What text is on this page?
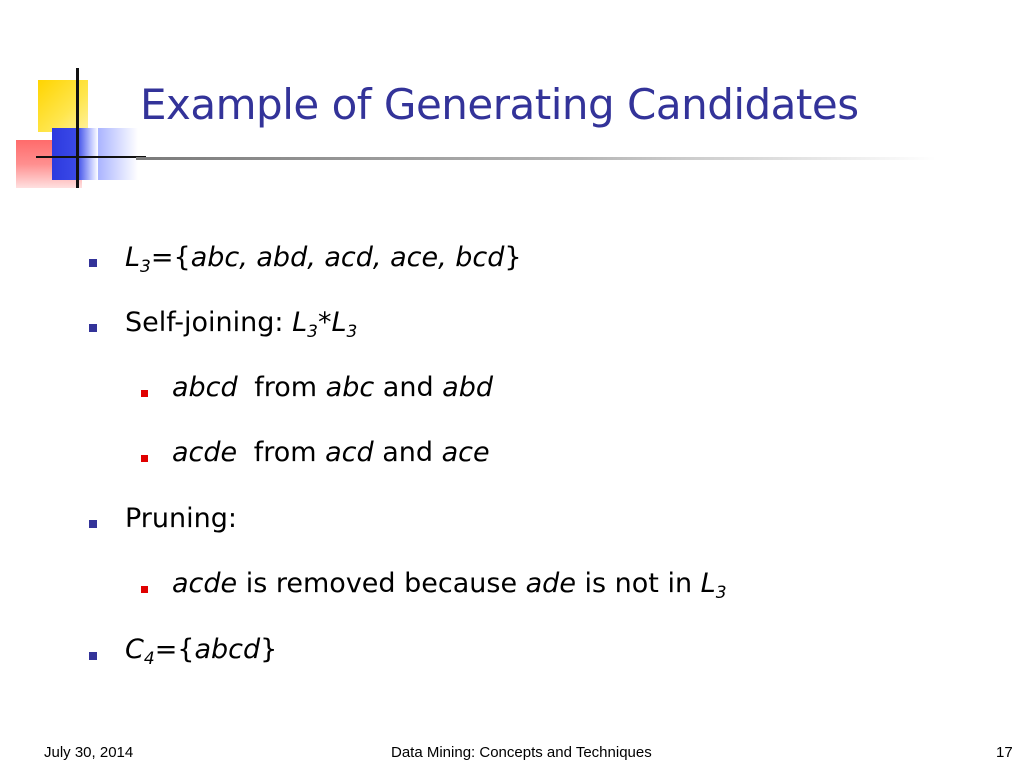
Example of Generating Candidates
$L_3=\{abc$, abd, acd, ace, bcd}
Self-joining: $L_3*L_3$
abcd from abc and abd
acde from acd and ace
Pruning:
acde is removed because ade is not in $L_3$
$C_4=\{abcd\}$
July 30, 2014	Data Mining: Concepts and Techniques	17
